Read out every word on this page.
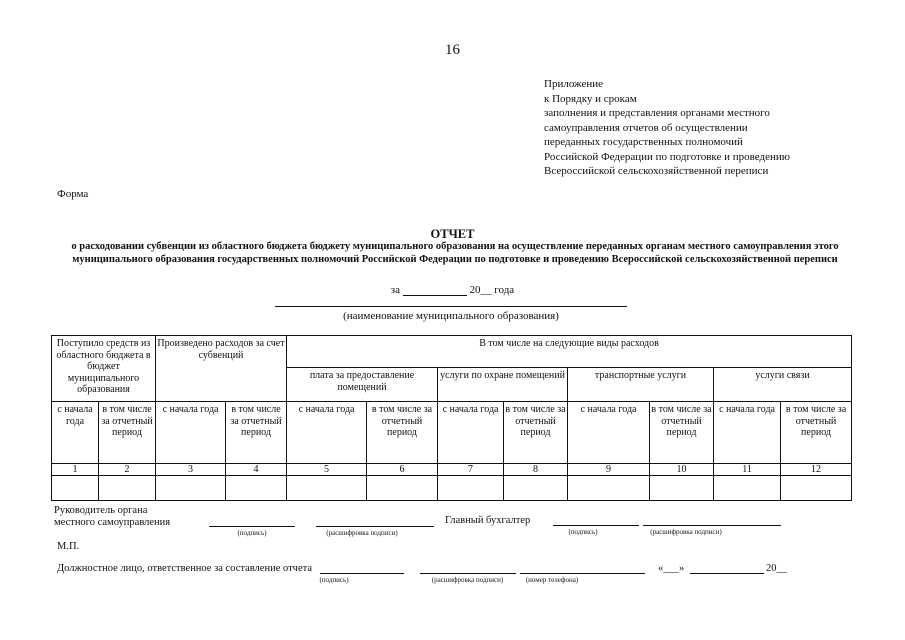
16
Приложение
к Порядку и срокам
заполнения и представления органами местного
самоуправления отчетов об осуществлении
переданных государственных полномочий
Российской Федерации по подготовке и проведению
Всероссийской сельскохозяйственной переписи
Форма
ОТЧЕТ
о расходовании субвенции из областного бюджета бюджету муниципального образования на осуществление переданных органам местного самоуправления этого муниципального образования государственных полномочий Российской Федерации по подготовке и проведению Всероссийской сельскохозяйственной переписи
за	20__ года
(наименование муниципального образования)
Поступило средств из областного бюджета в бюджет муниципального образования		Произведено расходов за счет субвенций		В том числе на следующие виды расходов							
				плата за предоставление помещений		услуги по охране помещений		транспортные услуги		услуги связи	
с начала года	в том числе за отчетный период	с начала года	в том числе за отчетный период	с начала года	в том числе за отчетный период	с начала года	в том числе за отчетный период	с начала года	в том числе за отчетный период	с начала года	в том числе за отчетный период
1	2	3	4	5	6	7	8	9	10	11	12

Руководитель органа
местного самоуправления
(подпись)	(расшифровка подписи)
Главный бухгалтер
(подпись)	(расшифровка подписи)
М.П.
Должностное лицо, ответственное за составление отчета
(подпись)	(расшифровка подписи)	(номер телефона)
«___»	20__
